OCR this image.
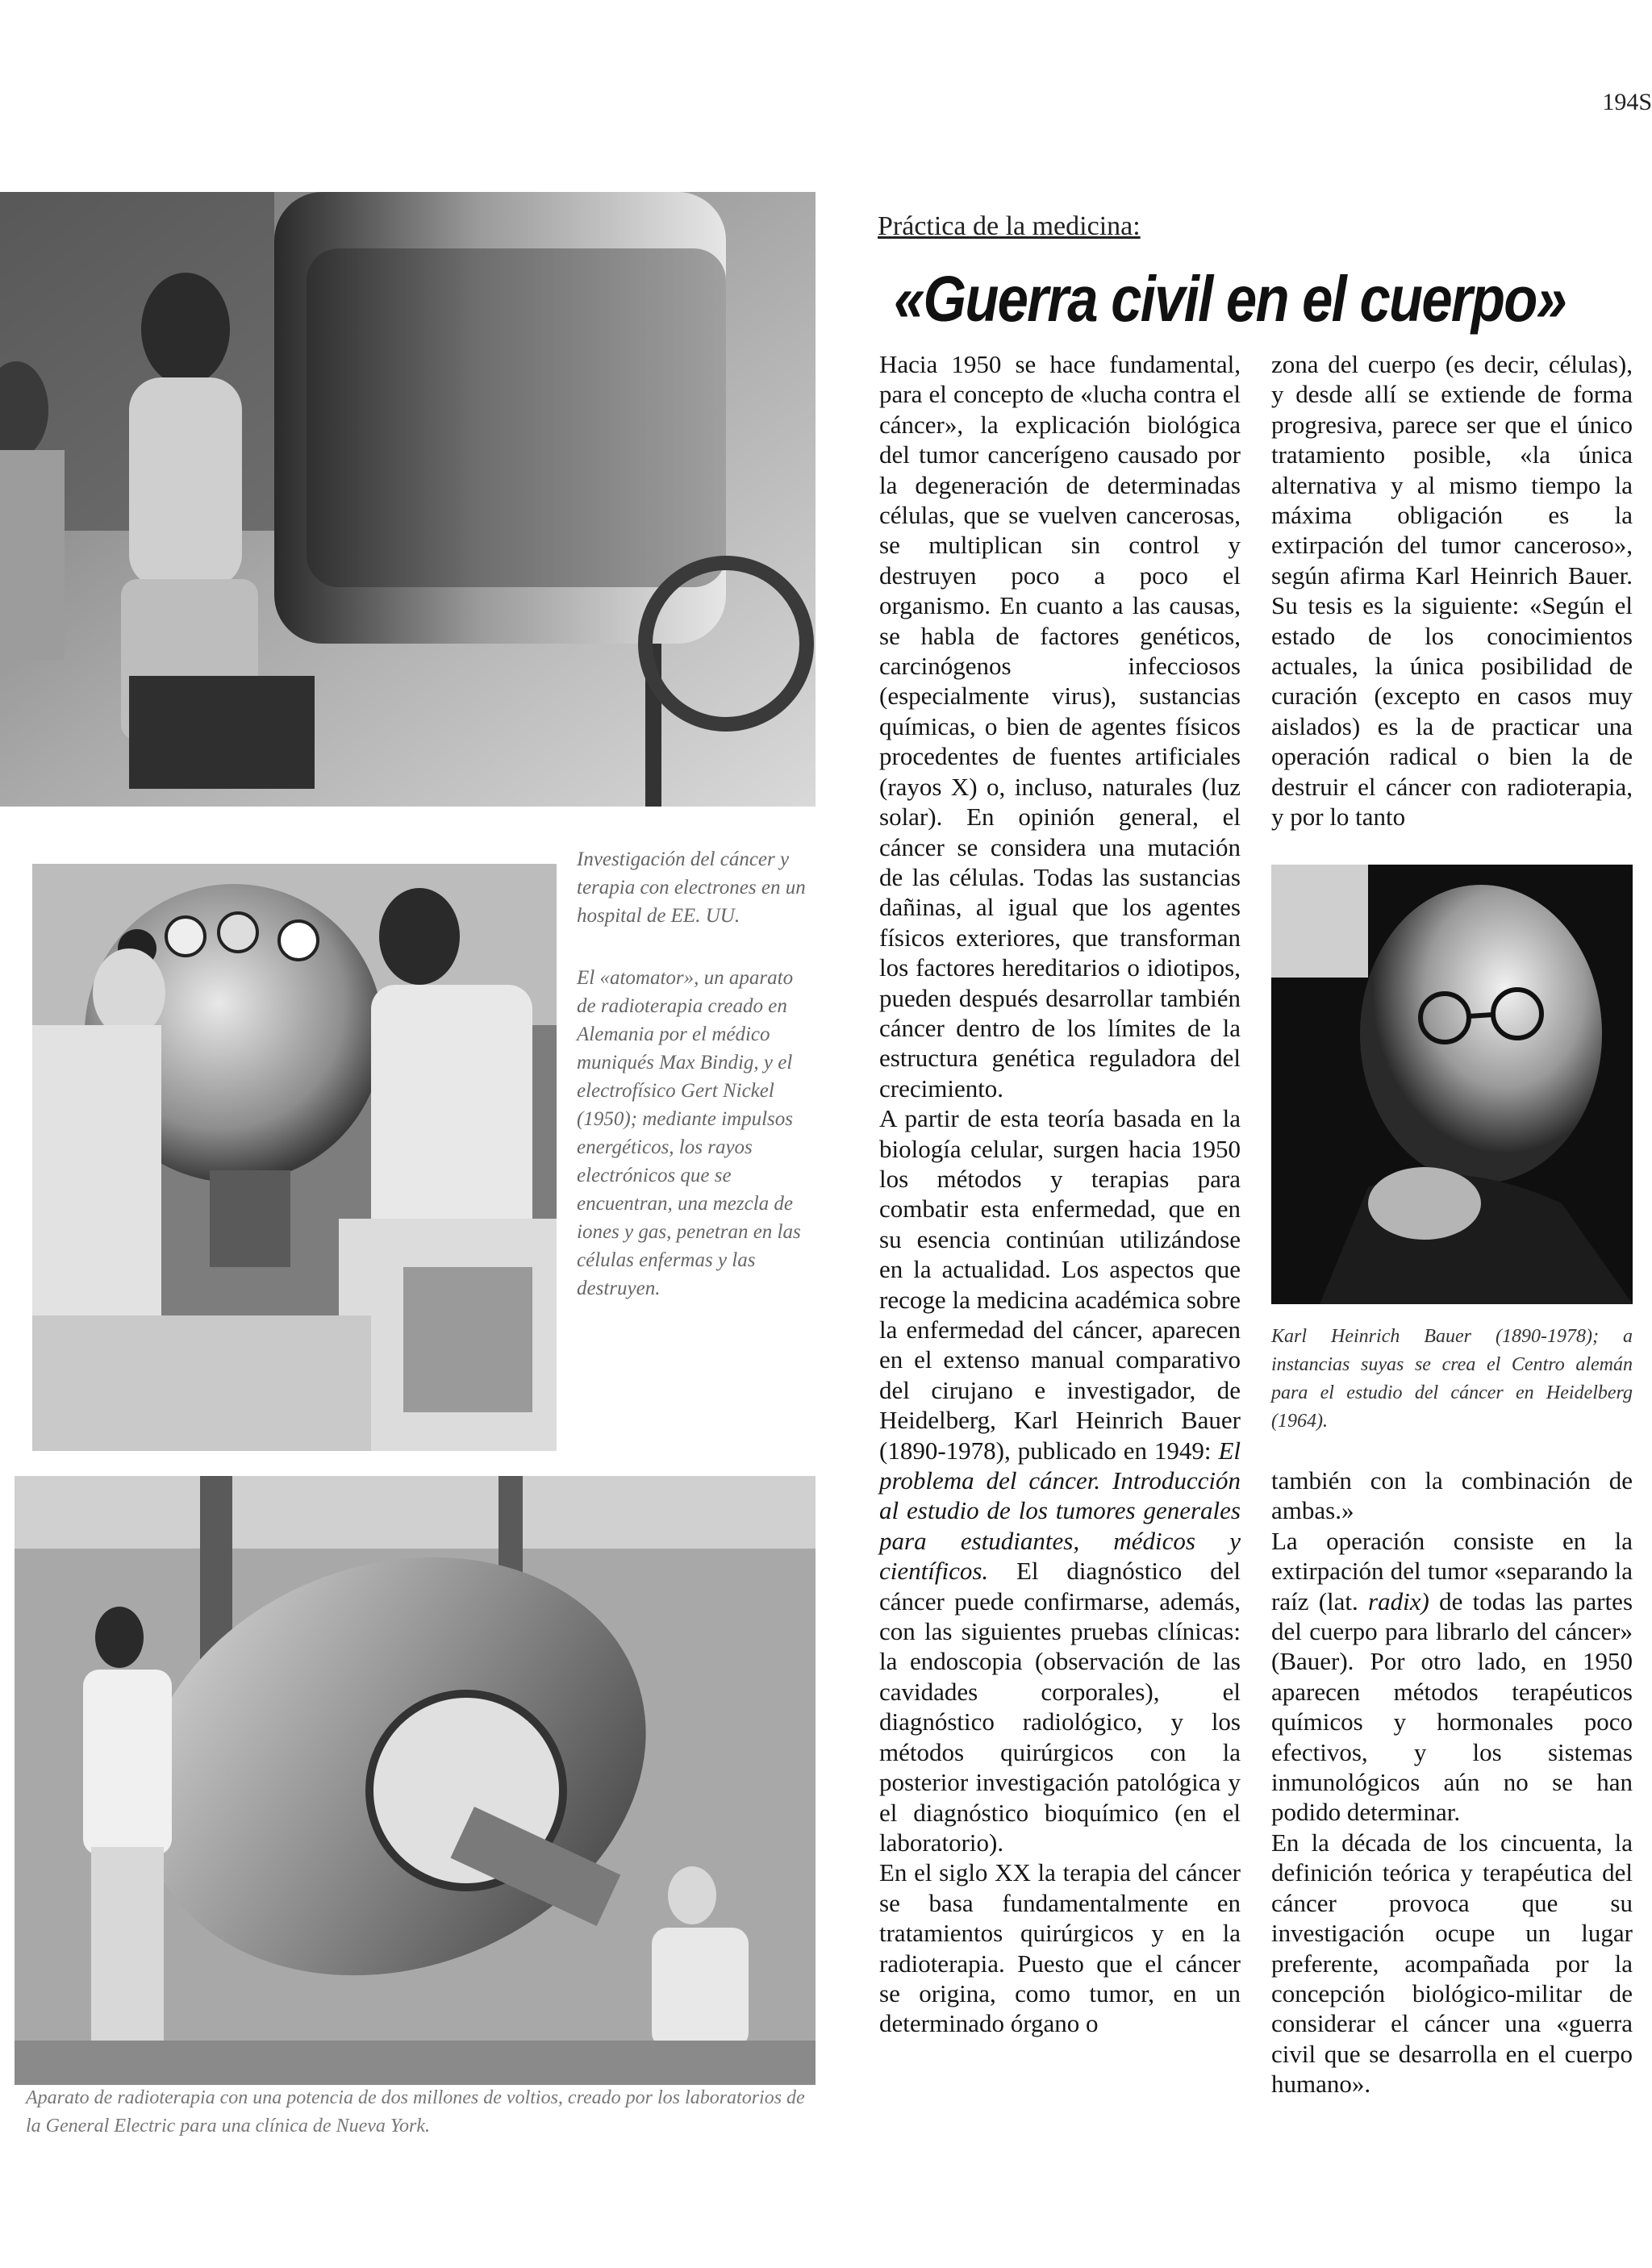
194S
Investigación del cáncer y terapia con electrones en un hospital de EE. UU.
El «atomator», un aparato de radioterapia creado en Alemania por el médico muniqués Max Bindig, y el electrofísico Gert Nickel (1950); mediante impulsos energéticos, los rayos electrónicos que se encuentran, una mezcla de iones y gas, penetran en las células enfermas y las destruyen.
Aparato de radioterapia con una potencia de dos millones de voltios, creado por los laboratorios de la General Electric para una clínica de Nueva York.
Práctica de la medicina:
«Guerra civil en el cuerpo»

Hacia 1950 se hace fundamental, para el concepto de «lucha contra el cáncer», la explicación biológica del tumor cancerígeno causado por la degeneración de determinadas células, que se vuelven cancerosas, se multiplican sin control y destruyen poco a poco el organismo. En cuanto a las causas, se habla de factores genéticos, carcinógenos infecciosos (especialmente virus), sustancias químicas, o bien de agentes físicos procedentes de fuentes artificiales (rayos X) o, incluso, naturales (luz solar). En opinión general, el cáncer se considera una mutación de las células. Todas las sustancias dañinas, al igual que los agentes físicos exteriores, que transforman los factores hereditarios o idiotipos, pueden después desarrollar también cáncer dentro de los límites de la estructura genética reguladora del crecimiento.

A partir de esta teoría basada en la biología celular, surgen hacia 1950 los métodos y terapias para combatir esta enfermedad, que en su esencia continúan utilizándose en la actualidad. Los aspectos que recoge la medicina académica sobre la enfermedad del cáncer, aparecen en el extenso manual comparativo del cirujano e investigador, de Heidelberg, Karl Heinrich Bauer (1890-1978), publicado en 1949: El problema del cáncer. Introducción al estudio de los tumores generales para estudiantes, médicos y científicos. El diagnóstico del cáncer puede confirmarse, además, con las siguientes pruebas clínicas: la endoscopia (observación de las cavidades corporales), el diagnóstico radiológico, y los métodos quirúrgicos con la posterior investigación patológica y el diagnóstico bioquímico (en el laboratorio).

En el siglo XX la terapia del cáncer se basa fundamentalmente en tratamientos quirúrgicos y en la radioterapia. Puesto que el cáncer se origina, como tumor, en un determinado órgano o

zona del cuerpo (es decir, células), y desde allí se extiende de forma progresiva, parece ser que el único tratamiento posible, «la única alternativa y al mismo tiempo la máxima obligación es la extirpación del tumor canceroso», según afirma Karl Heinrich Bauer. Su tesis es la siguiente: «Según el estado de los conocimientos actuales, la única posibilidad de curación (excepto en casos muy aislados) es la de practicar una operación radical o bien la de destruir el cáncer con radioterapia, y por lo tanto

Karl Heinrich Bauer (1890-1978); a instancias suyas se crea el Centro alemán para el estudio del cáncer en Heidelberg (1964).

también con la combinación de ambas.»

La operación consiste en la extirpación del tumor «separando la raíz (lat. radix) de todas las partes del cuerpo para librarlo del cáncer» (Bauer). Por otro lado, en 1950 aparecen métodos terapéuticos químicos y hormonales poco efectivos, y los sistemas inmunológicos aún no se han podido determinar.

En la década de los cincuenta, la definición teórica y terapéutica del cáncer provoca que su investigación ocupe un lugar preferente, acompañada por la concepción biológico-militar de considerar el cáncer una «guerra civil que se desarrolla en el cuerpo humano».
